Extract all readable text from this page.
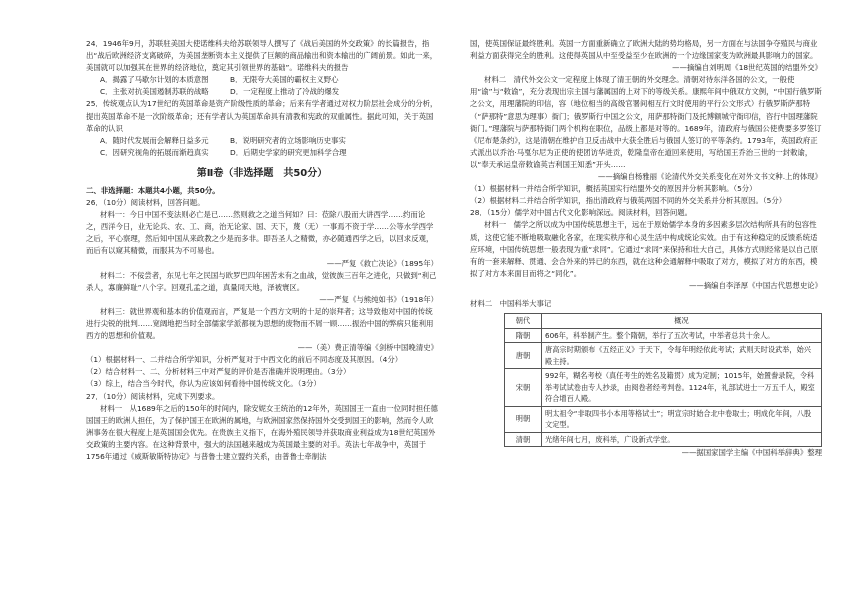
24．1946年9月，苏联驻美国大使诺维科夫给苏联领导人撰写了《战后美国的外交政策》的长篇报告，指出“战后欧洲经济支离破碎，为美国垄断资本主义提供了巨额的商品输出和资本输出的广阔前景。如此一来，美国就可以加强其在世界的经济地位，奠定其引领世界的基础”。诺维科夫的报告

A．揭露了马歇尔计划的本质意图	B．无限夸大美国的霸权主义野心
C．主张对抗美国遏制苏联的战略	D．一定程度上推动了冷战的爆发

25．传统观点认为17世纪的英国革命是资产阶级性质的革命；后来有学者通过对权力阶层社会成分的分析，提出英国革命不是一次阶级革命；还有学者认为英国革命具有清教和宪政的双重属性。据此可知，关于英国革命的认识

A．随时代发展而会解释日益多元	B．说明研究者的立场影响历史事实
C．因研究视角的拓展而渐趋真实	D．后期史学家的研究更加科学合理
第Ⅱ卷（非选择题　共50分）

二、非选择题：本题共4小题，共50分。

26．（10分）阅读材料，回答问题。

材料一：今日中国不变法则必亡是已……然则救之之道当何如？曰：莅除八股而大讲西学……约而论之，西洋今日，业无论兵、农、工、商，治无论家、国、天下，蔑（无）一事焉不资于学……公等水学西学之后，平心察理，然后知中国从来政教之少是而多非。即吾圣人之精微，亦必随通西学之后，以回求反观，而后有以窥其精微，而服其为不可易也。

——严复《救亡决论》（1895年）

材料二：不佞尝者，东见七年之民国与欧罗巴四年困苦未有之血战，觉彼族三百年之进化，只做到“利己杀人，寡廉鲜耻”八个字。回观孔孟之道，真量同天地，泽被寰区。

——严复《与熊纯如书》（1918年）

材料三：就世界观和基本的价值观而言，严复是一个西方文明的十足的崇拜者；这导致他对中国的传统进行尖锐的批判……宽阔地把当时全部儒家学派都视为思想的废物而不屑一顾……振治中国的弊病只能利用西方的思想和价值观。

——（美）费正清等编《剑桥中国晚清史》

（1）根据材料一、二并结合所学知识，分析严复对于中西文化的前后不同态度及其原因。（4分）

（2）结合材料一、二、分析材料三中对严复的评价是否准确并说明理由。（3分）

（3）综上，结合当今时代，你认为应该如何看待中国传统文化。（3分）

27．（10分）阅读材料，完成下列要求。

材料一　从1689年之后的150年的时间内，除安妮女王统治的12年外，英国国王一直由一位同时担任德国国王的欧洲人担任，为了保护国王在欧洲的属地，与欧洲国家然保持国外交受到国王的影响，然而令人欧洲事务在很大程度上是英国国会优先。在贵族主义指下，在海外殖民领导并获取商业利益成为18世纪英国外交政策的主要内容。在这种背景中，强大的法国越来越成为英国最主要的对手。英法七年战争中，英国于1756年通过《威斯敏斯特协定》与普鲁士建立盟约关系，由普鲁士牵制法

国，使英国保证最终胜利。英国一方面重新确立了欧洲大陆的势均格局，另一方面在与法国争夺殖民与商业利益方面获得完全的胜利。这使得英国从中至受益至少在欧洲的一个边缘国家变为欧洲最具影响力的国家。

——摘编自刘明周《18世纪英国的结盟外交》

材料二　清代外交公文一定程度上体现了清王朝的外交理念。清朝对待东洋各国的公文，一般使用“谕”与“敕谕”，充分表现出宗主国与藩属国的上对下的等级关系。康熙年间中俄双方文例，“中国行俄罗斯之公文，用理藩院的印信，容（地位相当的高级官署间相互行文时使用的平行公文形式）行俄罗斯萨那特（“萨那特”意思为理事）衙门；俄罗斯行中国之公文，用萨那特衙门及托博额城守衙印信，咨行中国理藩院衙门。”理藩院与萨那特衙门两个机构在职位，品级上都是对等的。1689年，清政府与俄国公使费要多罗签订《尼布楚条约》，这是清朝在维护自卫反击战中大获全胜后与俄国人签订的平等条约。1793年，英国政府正式派出以乔治·马戛尔尼为正使的使团访华进贡，乾隆皇帝在道回来使用，写给国王乔治三世的一封敕谕，以“奉天承运皇帝敕谕英吉利国王知悉”开头……

——摘编自杨雅丽《论清代外交关系变化在对外文书文种.上的体现》

（1）根据材料一并结合所学知识，概括英国实行结盟外交的原因并分析其影响。（5分）

（2）根据材料二并结合所学知识，指出清政府与俄英两国不同的外交关系并分析其原因。（5分）

28．（15分）儒学对中国古代文化影响深远。阅读材料，回答问题。

材料一　儒学之所以成为中国传统思想主干，远在于原始儒学本身的多因素多层次结构所具有的包容性质，这使它能不断地吸取融化各家，在现实秩序和心灵生活中构成统论实效。由于有这种稳定的反馈系统适应环境，中国传统思想一般表现为重“求同”。它通过“求同”来保持和壮大自己，具体方式则经常是以自己原有的一套来解释、贯通、会合外来的异已的东西，就在这种会通解释中吸取了对方，模拟了对方的东西，模拟了对方本来面目而将之“同化”。

——摘编自李泽厚《中国古代思想史论》

材料二　中国科举大事记

朝代	概况
隋朝	606年，科举制产生。整个隋朝，举行了五次考试，中举者总共十余人。
唐朝	唐高宗时期颁布《五经正义》于天下，令每年明经依此考试；武则天时设武举，始兴殿主持。
宋朝	992年，糊名考校（真任考生的姓名及籍贯）成为定制；1015年，始置誊录院，令科举考试试卷由专人抄录，由阅卷者经考判卷。1124年，礼部试进士一万五千人，殿室符合增百人殿。
明朝	明太祖令“非取四书小本用等格试士”；明宣宗时始合北中卷取士；明成化年间，八股文定型。
清朝	光绪年间七月，废科举，广设新式学堂。

——据国家国学主编《中国科举辞典》整理
